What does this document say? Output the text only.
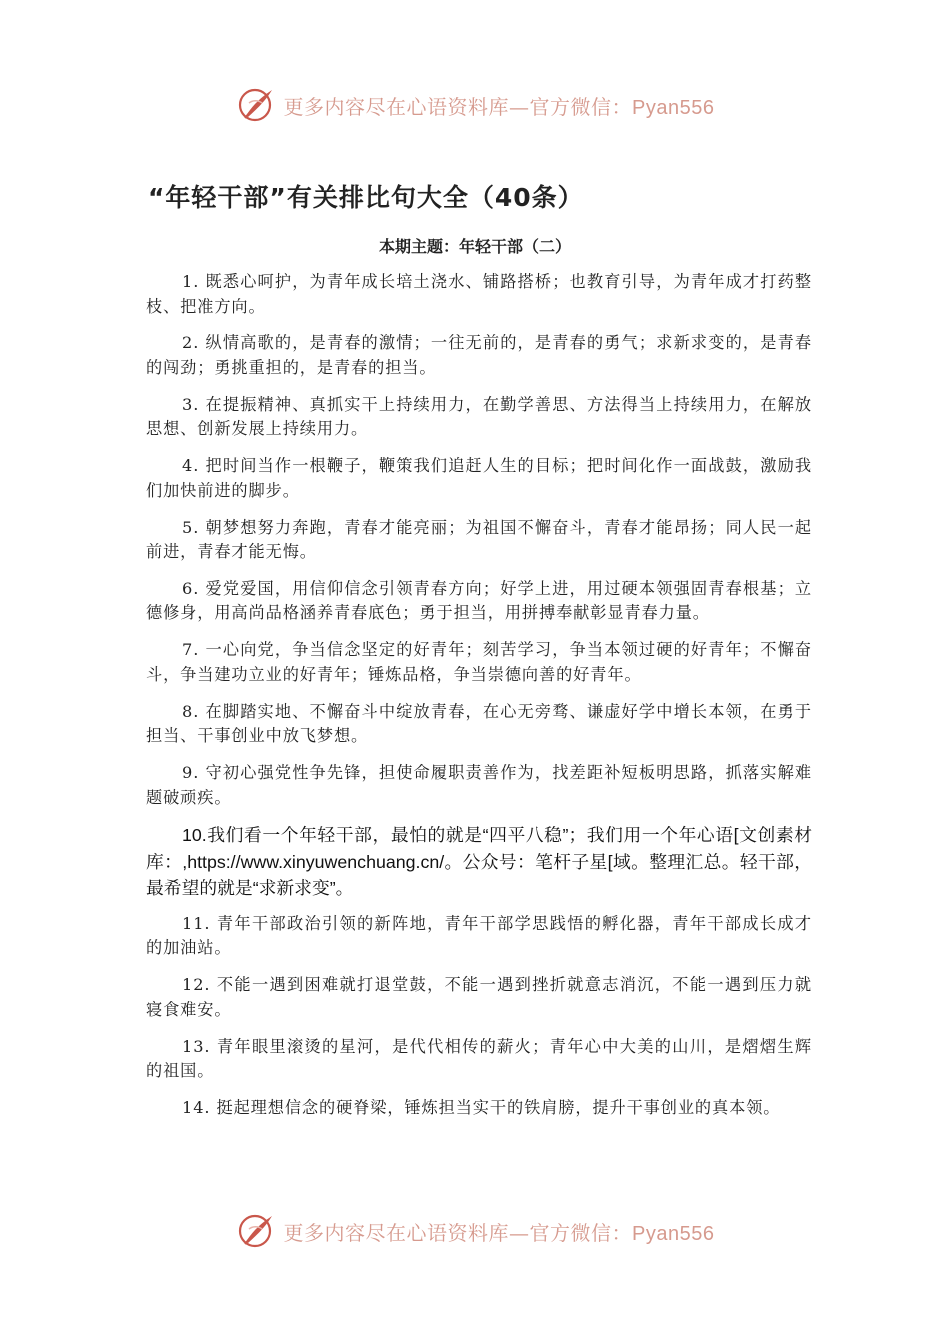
更多内容尽在心语资料库—官方微信：Pyan556
“年轻干部”有关排比句大全（40条）
本期主题：年轻干部（二）

1. 既悉心呵护，为青年成长培土浇水、铺路搭桥；也教育引导，为青年成才打药整枝、把准方向。

2. 纵情高歌的，是青春的激情；一往无前的，是青春的勇气；求新求变的，是青春的闯劲；勇挑重担的，是青春的担当。

3. 在提振精神、真抓实干上持续用力，在勤学善思、方法得当上持续用力，在解放思想、创新发展上持续用力。

4. 把时间当作一根鞭子，鞭策我们追赶人生的目标；把时间化作一面战鼓，激励我们加快前进的脚步。

5. 朝梦想努力奔跑，青春才能亮丽；为祖国不懈奋斗，青春才能昂扬；同人民一起前进，青春才能无悔。

6. 爱党爱国，用信仰信念引领青春方向；好学上进，用过硬本领强固青春根基；立德修身，用高尚品格涵养青春底色；勇于担当，用拼搏奉献彰显青春力量。

7. 一心向党，争当信念坚定的好青年；刻苦学习，争当本领过硬的好青年；不懈奋斗，争当建功立业的好青年；锤炼品格，争当崇德向善的好青年。

8. 在脚踏实地、不懈奋斗中绽放青春，在心无旁骛、谦虚好学中增长本领，在勇于担当、干事创业中放飞梦想。

9. 守初心强党性争先锋，担使命履职责善作为，找差距补短板明思路，抓落实解难题破顽疾。

10.我们看一个年轻干部，最怕的就是“四平八稳”；我们用一个年心语[文创素材库：,https://www.xinyuwenchuang.cn/。公众号：笔杆子星[域。整理汇总。轻干部，最希望的就是“求新求变”。

11. 青年干部政治引领的新阵地，青年干部学思践悟的孵化器，青年干部成长成才的加油站。

12. 不能一遇到困难就打退堂鼓，不能一遇到挫折就意志消沉，不能一遇到压力就寝食难安。

13. 青年眼里滚烫的星河，是代代相传的薪火；青年心中大美的山川，是熠熠生辉的祖国。

14. 挺起理想信念的硬脊梁，锤炼担当实干的铁肩膀，提升干事创业的真本领。

更多内容尽在心语资料库—官方微信：Pyan556
